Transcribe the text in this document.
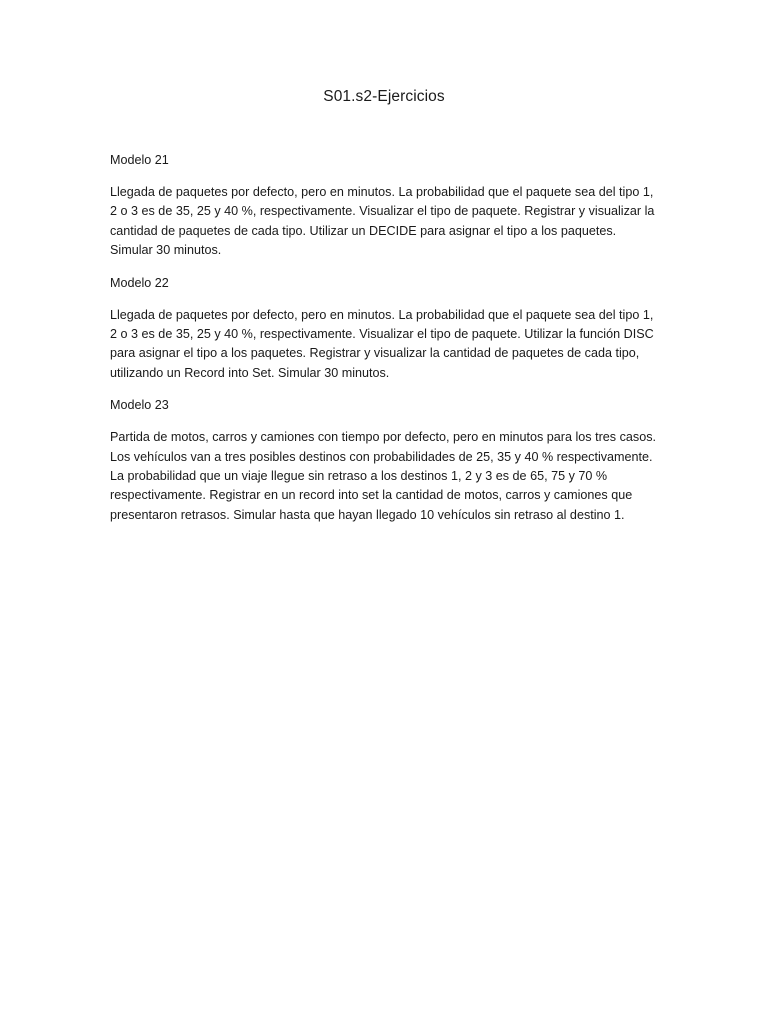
S01.s2-Ejercicios

Modelo 21

Llegada de paquetes por defecto, pero en minutos. La probabilidad que el paquete sea del tipo 1, 2 o 3 es de 35, 25 y 40 %, respectivamente. Visualizar el tipo de paquete. Registrar y visualizar la cantidad de paquetes de cada tipo. Utilizar un DECIDE para asignar el tipo a los paquetes. Simular 30 minutos.

Modelo 22

Llegada de paquetes por defecto, pero en minutos. La probabilidad que el paquete sea del tipo 1, 2 o 3 es de 35, 25 y 40 %, respectivamente. Visualizar el tipo de paquete. Utilizar la función DISC para asignar el tipo a los paquetes. Registrar y visualizar la cantidad de paquetes de cada tipo, utilizando un Record into Set. Simular 30 minutos.

Modelo 23

Partida de motos, carros y camiones con tiempo por defecto, pero en minutos para los tres casos. Los vehículos van a tres posibles destinos con probabilidades de 25, 35 y 40 % respectivamente. La probabilidad que un viaje llegue sin retraso a los destinos 1, 2 y 3 es de 65, 75 y 70 % respectivamente. Registrar en un record into set la cantidad de motos, carros y camiones que presentaron retrasos. Simular hasta que hayan llegado 10 vehículos sin retraso al destino 1.
